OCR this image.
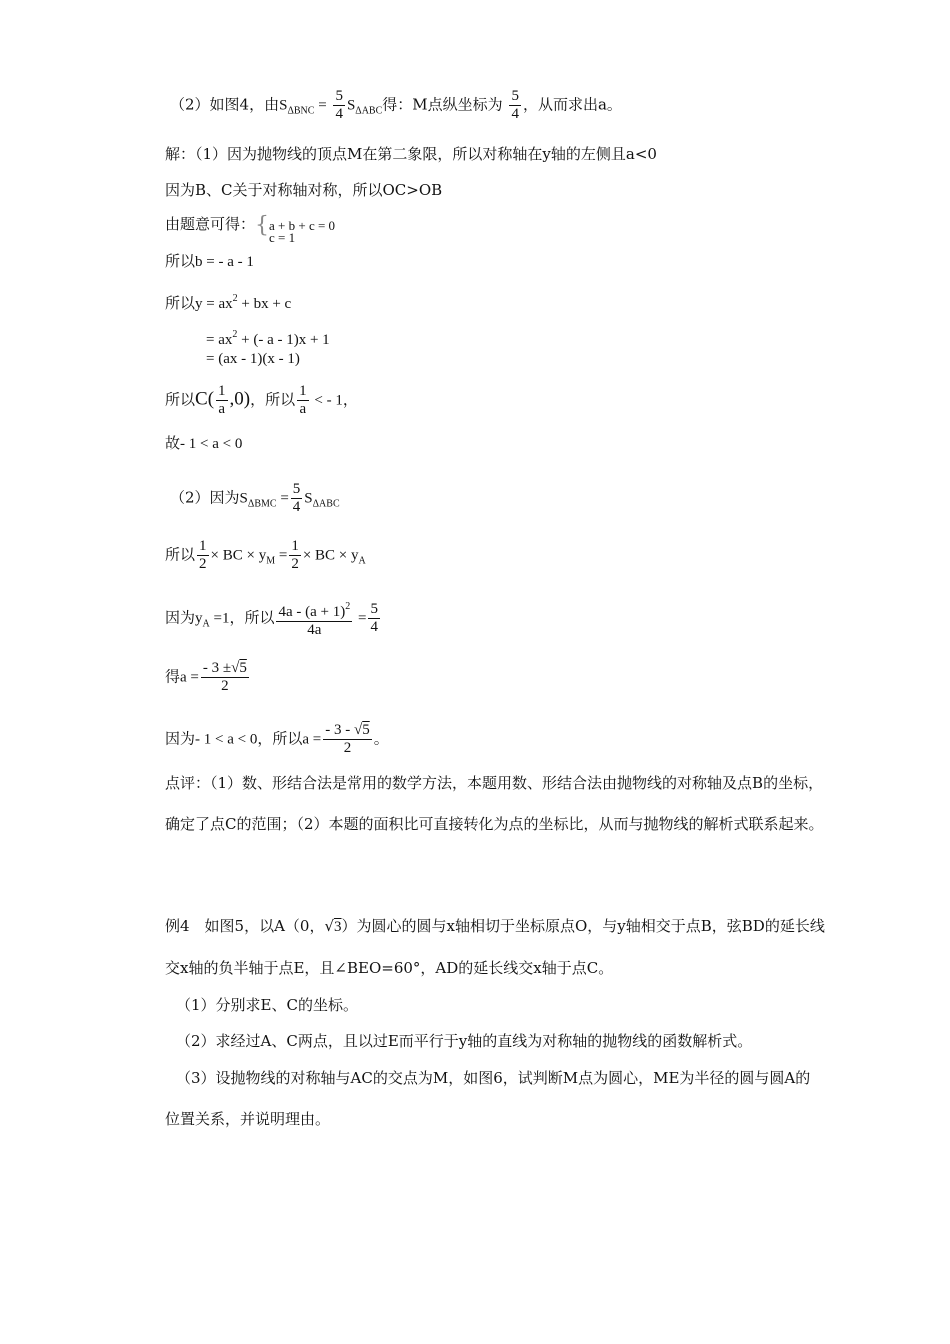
（2）如图4，由$S_{\Delta BNC} = \frac{5}{4} S_{\Delta ABC}$得：M点纵坐标为 $\frac{5}{4}$ ，从而求出a。
解：（1）因为抛物线的顶点M在第二象限，所以对称轴在y轴的左侧且a<0
因为B、C关于对称轴对称，所以OC>OB
由题意可得：{ a + b + c = 0
c = 1
所以b = - a - 1
所以$y = ax^2$ + bx + c
= $ax^2$ + (- a - 1)x + 1
= (ax - 1)(x - 1)
所以$C( \frac{1}{a} ,0)$，所以 $\frac{1}{a}$ < - 1，
故- 1 < a < 0
（2）因为$S_{\Delta BMC} = \frac{5}{4} S_{\Delta ABC}$
所以 $\frac{1}{2}$ × BC × $y_M = \frac{1}{2}$ × BC × $y_A$
因为$y_A =1$，所以 $\frac{4a - (a + 1)^2}{4a} = \frac{5}{4}$
得$a = \frac{- 3 \pm√5}{2}$
因为- 1 < a < 0，所以$a = \frac{- 3 - √5}{2}$ 。
点评：（1）数、形结合法是常用的数学方法，本题用数、形结合法由抛物线的对称轴及点B的坐标，确定了点C的范围；（2）本题的面积比可直接转化为点的坐标比，从而与抛物线的解析式联系起来。
例4　如图5，以A（0，√3）为圆心的圆与x轴相切于坐标原点O，与y轴相交于点B，弦BD的延长线交x轴的负半轴于点E，且∠BEO=60°，AD的延长线交x轴于点C。
（1）分别求E、C的坐标。
（2）求经过A、C两点，且以过E而平行于y轴的直线为对称轴的抛物线的函数解析式。
（3）设抛物线的对称轴与AC的交点为M，如图6，试判断M点为圆心，ME为半径的圆与圆A的位置关系，并说明理由。
